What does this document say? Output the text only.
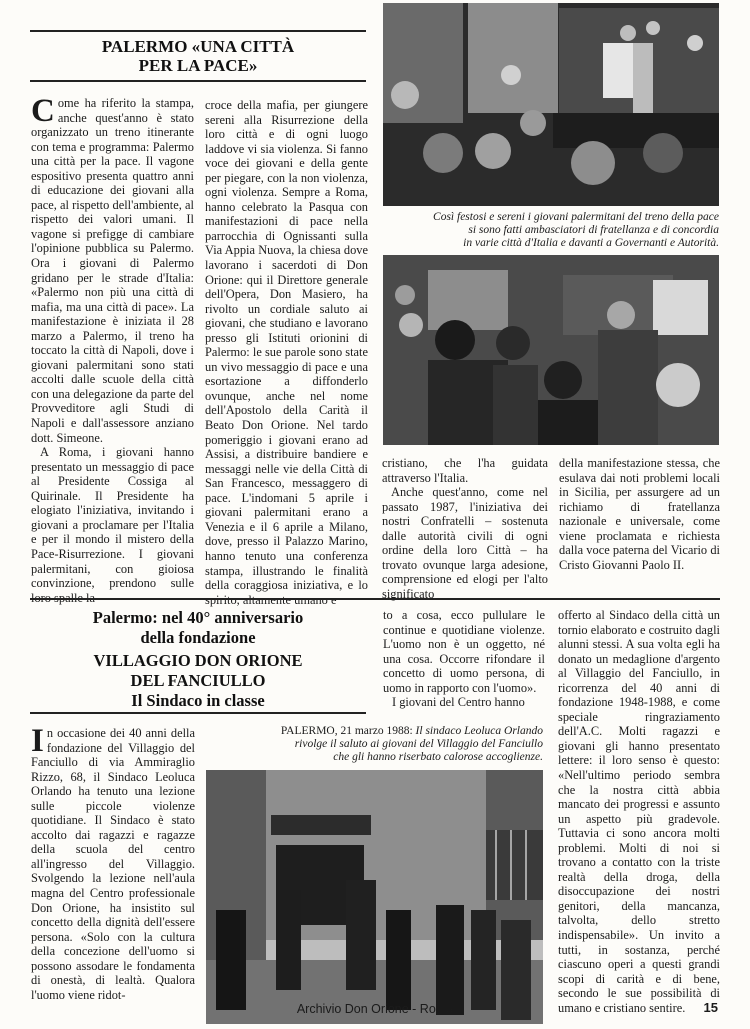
PALERMO «UNA CITTÀ
PER LA PACE»

Come ha riferito la stampa, anche quest'anno è stato organizzato un treno itinerante con tema e programma: Palermo una città per la pace. Il vagone espositivo presenta quattro anni di educazione dei giovani alla pace, al rispetto dell'ambiente, al rispetto dei valori umani. Il vagone si prefigge di cambiare l'opinione pubblica su Palermo. Ora i giovani di Palermo gridano per le strade d'Italia: «Palermo non più una città di mafia, ma una città di pace». La manifestazione è iniziata il 28 marzo a Palermo, il treno ha toccato la città di Napoli, dove i giovani palermitani sono stati accolti dalle scuole della città con una delegazione da parte del Provveditore agli Studi di Napoli e dall'assessore anziano dott. Simeone.

A Roma, i giovani hanno presentato un messaggio di pace al Presidente Cossiga al Quirinale. Il Presidente ha elogiato l'iniziativa, invitando i giovani a proclamare per l'Italia e per il mondo il mistero della Pace-Risurrezione. I giovani palermitani, con gioiosa convinzione, prendono sulle loro spalle la

croce della mafia, per giungere sereni alla Risurrezione della loro città e di ogni luogo laddove vi sia violenza. Si fanno voce dei giovani e della gente per piegare, con la non violenza, ogni violenza. Sempre a Roma, hanno celebrato la Pasqua con manifestazioni di pace nella parrocchia di Ognissanti sulla Via Appia Nuova, la chiesa dove lavorano i sacerdoti di Don Orione: qui il Direttore generale dell'Opera, Don Masiero, ha rivolto un cordiale saluto ai giovani, che studiano e lavorano presso gli Istituti orionini di Palermo: le sue parole sono state un vivo messaggio di pace e una esortazione a diffonderlo ovunque, anche nel nome dell'Apostolo della Carità il Beato Don Orione. Nel tardo pomeriggio i giovani erano ad Assisi, a distribuire bandiere e messaggi nelle vie della Città di San Francesco, messaggero di pace. L'indomani 5 aprile i giovani palermitani erano a Venezia e il 6 aprile a Milano, dove, presso il Palazzo Marino, hanno tenuto una conferenza stampa, illustrando le finalità della coraggiosa iniziativa, e lo spirito, altamente umano e

Così festosi e sereni i giovani palermitani del treno della pace
si sono fatti ambasciatori di fratellanza e di concordia
in varie città d'Italia e davanti a Governanti e Autorità.

cristiano, che l'ha guidata attraverso l'Italia.

Anche quest'anno, come nel passato 1987, l'iniziativa dei nostri Confratelli – sostenuta dalle autorità civili di ogni ordine della loro Città – ha trovato ovunque larga adesione, comprensione ed elogi per l'alto significato

della manifestazione stessa, che esulava dai noti problemi locali in Sicilia, per assurgere ad un richiamo di fratellanza nazionale e universale, come viene proclamata e richiesta dalla voce paterna del Vicario di Cristo Giovanni Paolo II.

Palermo: nel 40° anniversario
della fondazione
VILLAGGIO DON ORIONE
DEL FANCIULLO
Il Sindaco in classe

In occasione dei 40 anni della fondazione del Villaggio del Fanciullo di via Ammiraglio Rizzo, 68, il Sindaco Leoluca Orlando ha tenuto una lezione sulle piccole violenze quotidiane. Il Sindaco è stato accolto dai ragazzi e ragazze della scuola del centro all'ingresso del Villaggio. Svolgendo la lezione nell'aula magna del Centro professionale Don Orione, ha insistito sul concetto della dignità dell'essere persona. «Solo con la cultura della concezione dell'uomo si possono assodare le fondamenta di onestà, di lealtà. Qualora l'uomo viene ridot-

to a cosa, ecco pullulare le continue e quotidiane violenze. L'uomo non è un oggetto, né una cosa. Occorre rifondare il concetto di uomo persona, di uomo in rapporto con l'uomo».

I giovani del Centro hanno

PALERMO, 21 marzo 1988: Il sindaco Leoluca Orlando
rivolge il saluto ai giovani del Villaggio del Fanciullo
che gli hanno riserbato calorose accoglienze.

offerto al Sindaco della città un tornio elaborato e costruito dagli alunni stessi. A sua volta egli ha donato un medaglione d'argento al Villaggio del Fanciullo, in ricorrenza del 40 anni di fondazione 1948-1988, e come speciale ringraziamento dell'A.C. Molti ragazzi e giovani gli hanno presentato lettere: il loro senso è questo: «Nell'ultimo periodo sembra che la nostra città abbia mancato dei progressi e assunto un aspetto più gradevole. Tuttavia ci sono ancora molti problemi. Molti di noi si trovano a contatto con la triste realtà della droga, della disoccupazione dei nostri genitori, della mancanza, talvolta, dello stretto indispensabile». Un invito a tutti, in sostanza, perché ciascuno operi a questi grandi scopi di carità e di bene, secondo le sue possibilità di umano e cristiano sentire.

Archivio Don Orione - Roma	15
